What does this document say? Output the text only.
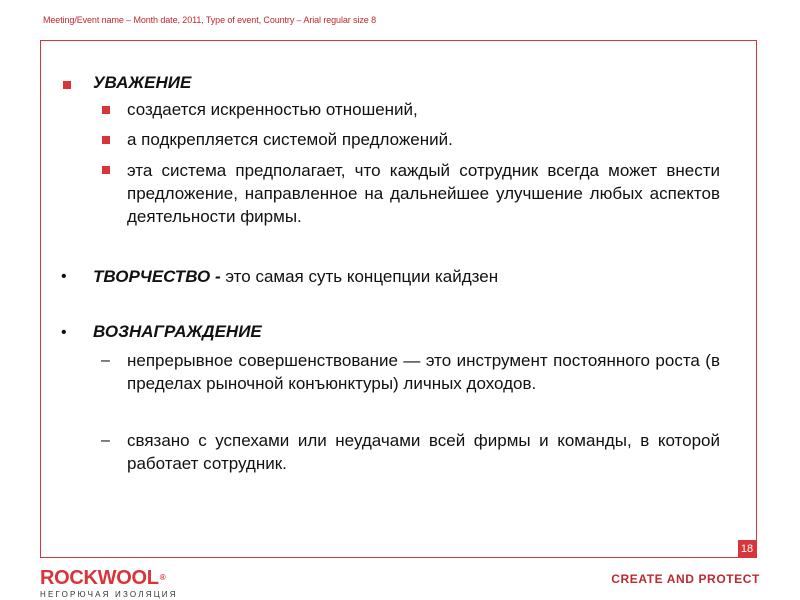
Meeting/Event name – Month date, 2011, Type of event, Country – Arial regular size 8
УВАЖЕНИЕ
создается искренностью отношений,
а подкрепляется системой предложений.
эта система предполагает, что каждый сотрудник всегда может внести предложение, направленное на дальнейшее улучшение любых аспектов деятельности фирмы.
• ТВОРЧЕСТВО - это самая суть концепции кайдзен
• ВОЗНАГРАЖДЕНИЕ
– непрерывное совершенствование — это инструмент постоянного роста (в пределах рыночной конъюнктуры) личных доходов.
– связано с успехами или неудачами всей фирмы и команды, в которой работает сотрудник.
18
ROCKWOOL®
НЕГОРЮЧАЯ ИЗОЛЯЦИЯ
CREATE AND PROTECT
